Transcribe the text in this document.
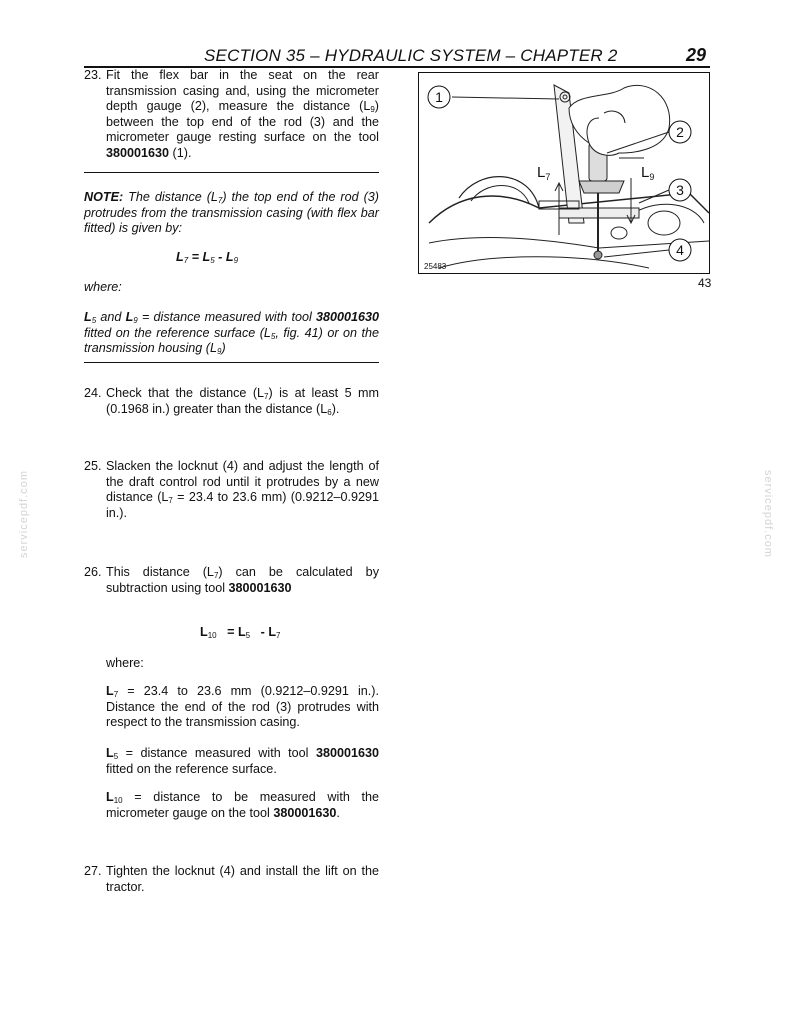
SECTION 35 – HYDRAULIC SYSTEM – CHAPTER 2	29
23. Fit the flex bar in the seat on the rear transmission casing and, using the micrometer depth gauge (2), measure the distance $(L_9)$ between the top end of the rod (3) and the micrometer gauge resting surface on the tool 380001630 (1).
NOTE: The distance $(L_7)$ the top end of the rod (3) protrudes from the transmission casing (with flex bar fitted) is given by:
$L_7 = L_5 - L_9$
where:
$L_5$ and $L_9$ = distance measured with tool 380001630 fitted on the reference surface ($L_5$, fig. 41) or on the transmission housing $(L_9)$
24. Check that the distance $(L_7)$ is at least 5 mm (0.1968 in.) greater than the distance $(L_6)$.
25. Slacken the locknut (4) and adjust the length of the draft control rod until it protrudes by a new distance ($L_7 = 23.4$ to 23.6 mm) (0.9212–0.9291 in.).
26. This distance $(L_7)$ can be calculated by subtraction using tool 380001630
$L_{10} = L_5 - L_7$
where:
$L_7 = 23.4$ to 23.6 mm (0.9212–0.9291 in.). Distance the end of the rod (3) protrudes with respect to the transmission casing.
$L_5$ = distance measured with tool 380001630 fitted on the reference surface.
$L_{10}$ = distance to be measured with the micrometer gauge on the tool 380001630.
27. Tighten the locknut (4) and install the lift on the tractor.
1
2
3
4
$L_7$	$L_9$
25483
43
servicepdf.com	servicepdf.com
